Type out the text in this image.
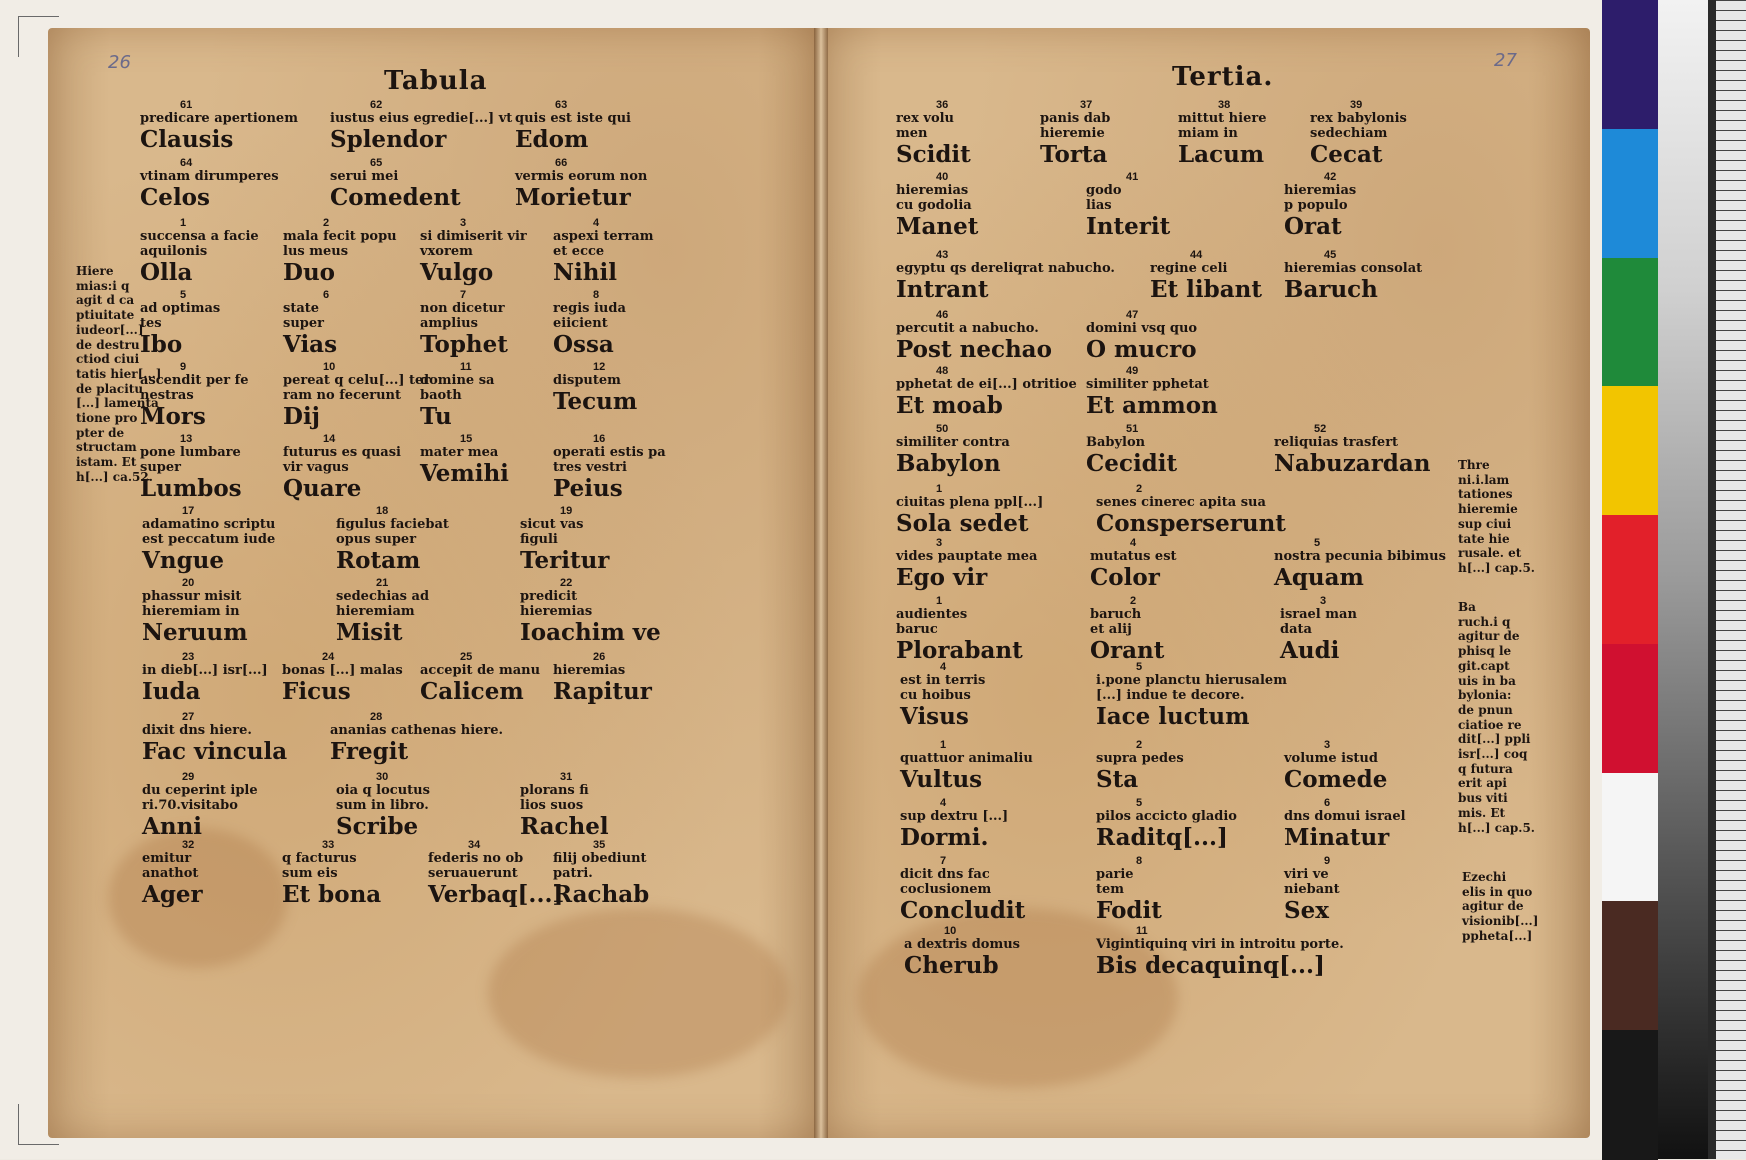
26	27
Tabula	Tertia.
61
predicare apertionem
Clausis
62
iustus eius egredie[...] vt
Splendor
63
quis est iste qui
Edom
64
vtinam dirumperes
Celos
65
serui mei
Comedent
66
vermis eorum non
Morietur
1
succensa a facie
aquilonis
Olla
2
mala fecit popu
lus meus
Duo
3
si dimiserit vir
vxorem
Vulgo
4
aspexi terram
et ecce
Nihil
5
ad optimas
tes
Ibo
6
state
super
Vias
7
non dicetur
amplius
Tophet
8
regis iuda
eiicient
Ossa
9
ascendit per fe
nestras
Mors
10
pereat q celu[...] ter
ram no fecerunt
Dij
11
domine sa
baoth
Tu
12
disputem
Tecum
13
pone lumbare
super
Lumbos
14
futurus es quasi
vir vagus
Quare
15
mater mea
Vemihi
16
operati estis pa
tres vestri
Peius
17
adamatino scriptu
est peccatum iude
Vngue
18
figulus faciebat
opus super
Rotam
19
sicut vas
figuli
Teritur
20
phassur misit
hieremiam in
Neruum
21
sedechias ad
hieremiam
Misit
22
predicit
hieremias
Ioachim ve
23
in dieb[...] isr[...]
Iuda
24
bonas [...] malas
Ficus
25
accepit de manu
Calicem
26
hieremias
Rapitur
27
dixit dns hiere.
Fac vincula
28
ananias cathenas hiere.
Fregit
29
du ceperint iple
ri.70.visitabo
Anni
30
oia q locutus
sum in libro.
Scribe
31
plorans fi
lios suos
Rachel
32
emitur
anathot
Ager
33
q facturus
sum eis
Et bona
34
federis no ob
seruauerunt
Verbaq[...]
35
filij obediunt
patri.
Rachab
36
rex volu
men
Scidit
37
panis dab
hieremie
Torta
38
mittut hiere
miam in
Lacum
39
rex babylonis
sedechiam
Cecat
40
hieremias
cu godolia
Manet
41
godo
lias
Interit
42
hieremias
p populo
Orat
43
egyptu qs dereliqrat nabucho.
Intrant
44
regine celi
Et libant
45
hieremias consolat
Baruch
46
percutit a nabucho.
Post nechao
47
domini vsq quo
O mucro
48
pphetat de ei[...] otritioe
Et moab
49
similiter pphetat
Et ammon
50
similiter contra
Babylon
51
Babylon
Cecidit
52
reliquias trasfert
Nabuzardan
1
ciuitas plena ppl[...]
Sola sedet
2
senes cinerec apita sua
Consperserunt
3
vides pauptate mea
Ego vir
4
mutatus est
Color
5
nostra pecunia bibimus
Aquam
1
audientes
baruc
Plorabant
2
baruch
et alij
Orant
3
israel man
data
Audi
4
est in terris
cu hoibus
Visus
5
i.pone planctu hierusalem
[...] indue te decore.
Iace luctum
1
quattuor animaliu
Vultus
2
supra pedes
Sta
3
volume istud
Comede
4
sup dextru [...]
Dormi.
5
pilos accicto gladio
Raditq[...]
6
dns domui israel
Minatur
7
dicit dns fac
coclusionem
Concludit
8
parie
tem
Fodit
9
viri ve
niebant
Sex
10
a dextris domus
Cherub
11
Vigintiquinq viri in introitu porte.
Bis decaquinq[...]
Hiere
mias:i q
agit d ca
ptiuitate
iudeor[...]
de destru
ctiod ciui
tatis hier[...]
de placitu
[...] lamenta
tione pro
pter de
structam
istam. Et
h[...] ca.52.
Thre
ni.i.lam
tationes
hieremie
sup ciui
tate hie
rusale. et
h[...] cap.5.
Ba
ruch.i q
agitur de
phisq le
git.capt
uis in ba
bylonia:
de pnun
ciatioe re
dit[...] ppli
isr[...] coq
q futura
erit api
bus viti
mis. Et
h[...] cap.5.
Ezechi
elis in quo
agitur de
visionib[...]
ppheta[...]
